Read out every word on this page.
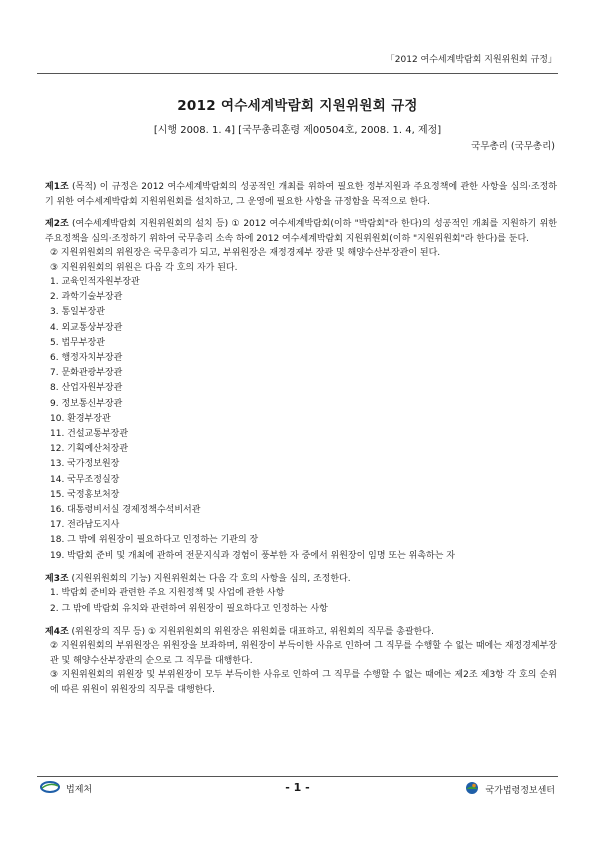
「2012 여수세계박람회 지원위원회 규정」
2012 여수세계박람회 지원위원회 규정
[시행 2008. 1. 4] [국무총리훈령 제00504호, 2008. 1. 4, 제정]
국무총리 (국무총리)

제1조 (목적) 이 규정은 2012 여수세계박람회의 성공적인 개최를 위하여 필요한 정부지원과 주요정책에 관한 사항을 심의·조정하기 위한 여수세계박람회 지원위원회를 설치하고, 그 운영에 필요한 사항을 규정함을 목적으로 한다.

제2조 (여수세계박람회 지원위원회의 설치 등) ① 2012 여수세계박람회(이하 "박람회"라 한다)의 성공적인 개최를 지원하기 위한 주요정책을 심의·조정하기 위하여 국무총리 소속 하에 2012 여수세계박람회 지원위원회(이하 "지원위원회"라 한다)를 둔다.

② 지원위원회의 위원장은 국무총리가 되고, 부위원장은 재정경제부 장관 및 해양수산부장관이 된다.

③ 지원위원회의 위원은 다음 각 호의 자가 된다.

1. 교육인적자원부장관

2. 과학기술부장관

3. 통일부장관

4. 외교통상부장관

5. 법무부장관

6. 행정자치부장관

7. 문화관광부장관

8. 산업자원부장관

9. 정보통신부장관

10. 환경부장관

11. 건설교통부장관

12. 기획예산처장관

13. 국가정보원장

14. 국무조정실장

15. 국정홍보처장

16. 대통령비서실 경제정책수석비서관

17. 전라남도지사

18. 그 밖에 위원장이 필요하다고 인정하는 기관의 장

19. 박람회 준비 및 개최에 관하여 전문지식과 경험이 풍부한 자 중에서 위원장이 임명 또는 위촉하는 자

제3조 (지원위원회의 기능) 지원위원회는 다음 각 호의 사항을 심의, 조정한다.

1. 박람회 준비와 관련한 주요 지원정책 및 사업에 관한 사항

2. 그 밖에 박람회 유치와 관련하여 위원장이 필요하다고 인정하는 사항

제4조 (위원장의 직무 등) ① 지원위원회의 위원장은 위원회를 대표하고, 위원회의 직무를 총괄한다.

② 지원위원회의 부위원장은 위원장을 보좌하며, 위원장이 부득이한 사유로 인하여 그 직무를 수행할 수 없는 때에는 재정경제부장관 및 해양수산부장관의 순으로 그 직무를 대행한다.

③ 지원위원회의 위원장 및 부위원장이 모두 부득이한 사유로 인하여 그 직무를 수행할 수 없는 때에는 제2조 제3항 각 호의 순위에 따른 위원이 위원장의 직무를 대행한다.

법제처	- 1 -	국가법령정보센터
